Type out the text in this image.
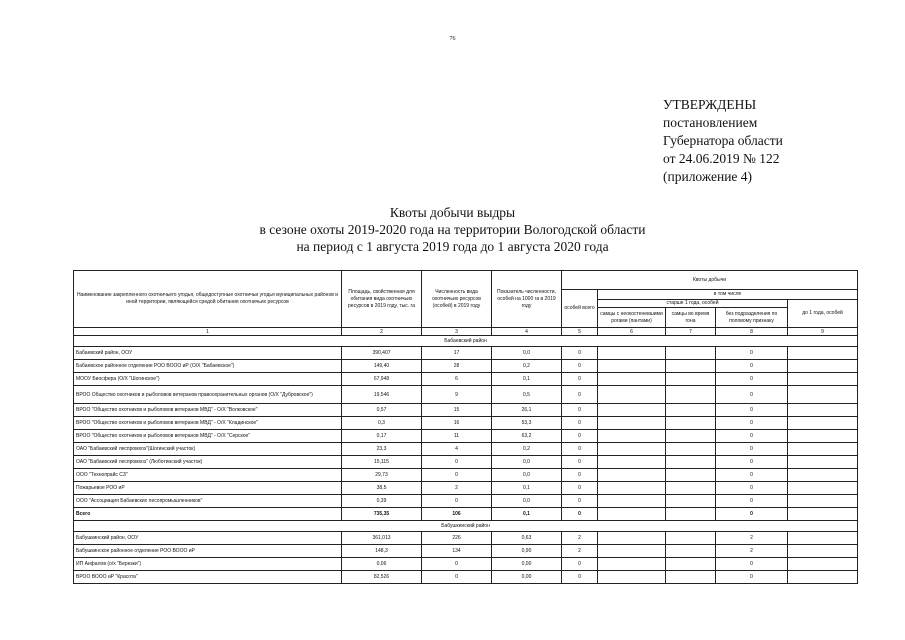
76
УТВЕРЖДЕНЫ
постановлением
Губернатора области
от 24.06.2019 № 122
(приложение 4)
Квоты добычи выдры
в сезоне охоты 2019-2020 года на территории Вологодской области
на период с 1 августа 2019 года до 1 августа 2020 года
Наименование закрепленного охотничьего угодья, общедоступные охотничьи угодья муниципальных районов и иной территории, являющейся средой обитания охотничьих ресурсов	Площадь, свойственная для обитания вида охотничьих ресурсов в 2019 году, тыс. га	Численность вида охотничьих ресурсов (особей) в 2019 году	Показатель численности, особей на 1000 га в 2019 году	Квоты добычи				
				особей всего	в том числе			
					старше 1 года, особей			до 1 года, особей
					самцы с неокостеневшими рогами (пантами)	самцы во время гона	без подразделения по половому признаку	

1	2	3	4	5	6	7	8	9
Бабаевский район								
Бабаевский район, ООУ	390,407	17	0,0	0			0	
Бабаевское районное отделение РОО ВООО иР (О/Х "Бабаевское")	149,40	28	0,2	0			0	
МООУ Биосфера (О/Х "Шогинское")	67,948	6	0,1	0			0	
ВРОО Общество охотников и рыболовов ветеранов правоохранительных органов (О/Х "Дубровское")	19,546	9	0,5	0			0	
ВРОО "Общество охотников и рыболовов ветеранов МВД" - О/Х "Волковское"	0,57	15	26,1	0			0	
ВРОО "Общество охотников и рыболовов ветеранов МВД" - О/Х "Кладинское"	0,3	16	53,3	0			0	
ВРОО "Общество охотников и рыболовов ветеранов МВД" - О/Х "Серское"	0,17	11	63,2	0			0	
ОАО "Бабаевский леспромхоз"(Шогинский участок)	23,3	4	0,2	0			0	
ОАО "Бабаевский леспромхоз" (Люботинский участок)	15,115	0	0,0	0			0	
ООО "Технопрайс СЗ"	29,73	0	0,0	0			0	
Пожарьевое РОО иР	38,5	2	0,1	0			0	
ООО "Ассоциация Бабаевских лесопромышленников"	0,39	0	0,0	0			0	
Всего	735,35	106	0,1	0			0	
Бабушкинский район								
Бабушкинский район, ООУ	361,013	226	0,63	2			2	
Бабушкинское районное отделение РОО ВООО иР	148,3	134	0,90	2			2	
ИП Анфалов (о/х "Березки")	0,06	0	0,00	0			0	
ВРОО ВООО иР "Красота"	82,526	0	0,00	0			0	
